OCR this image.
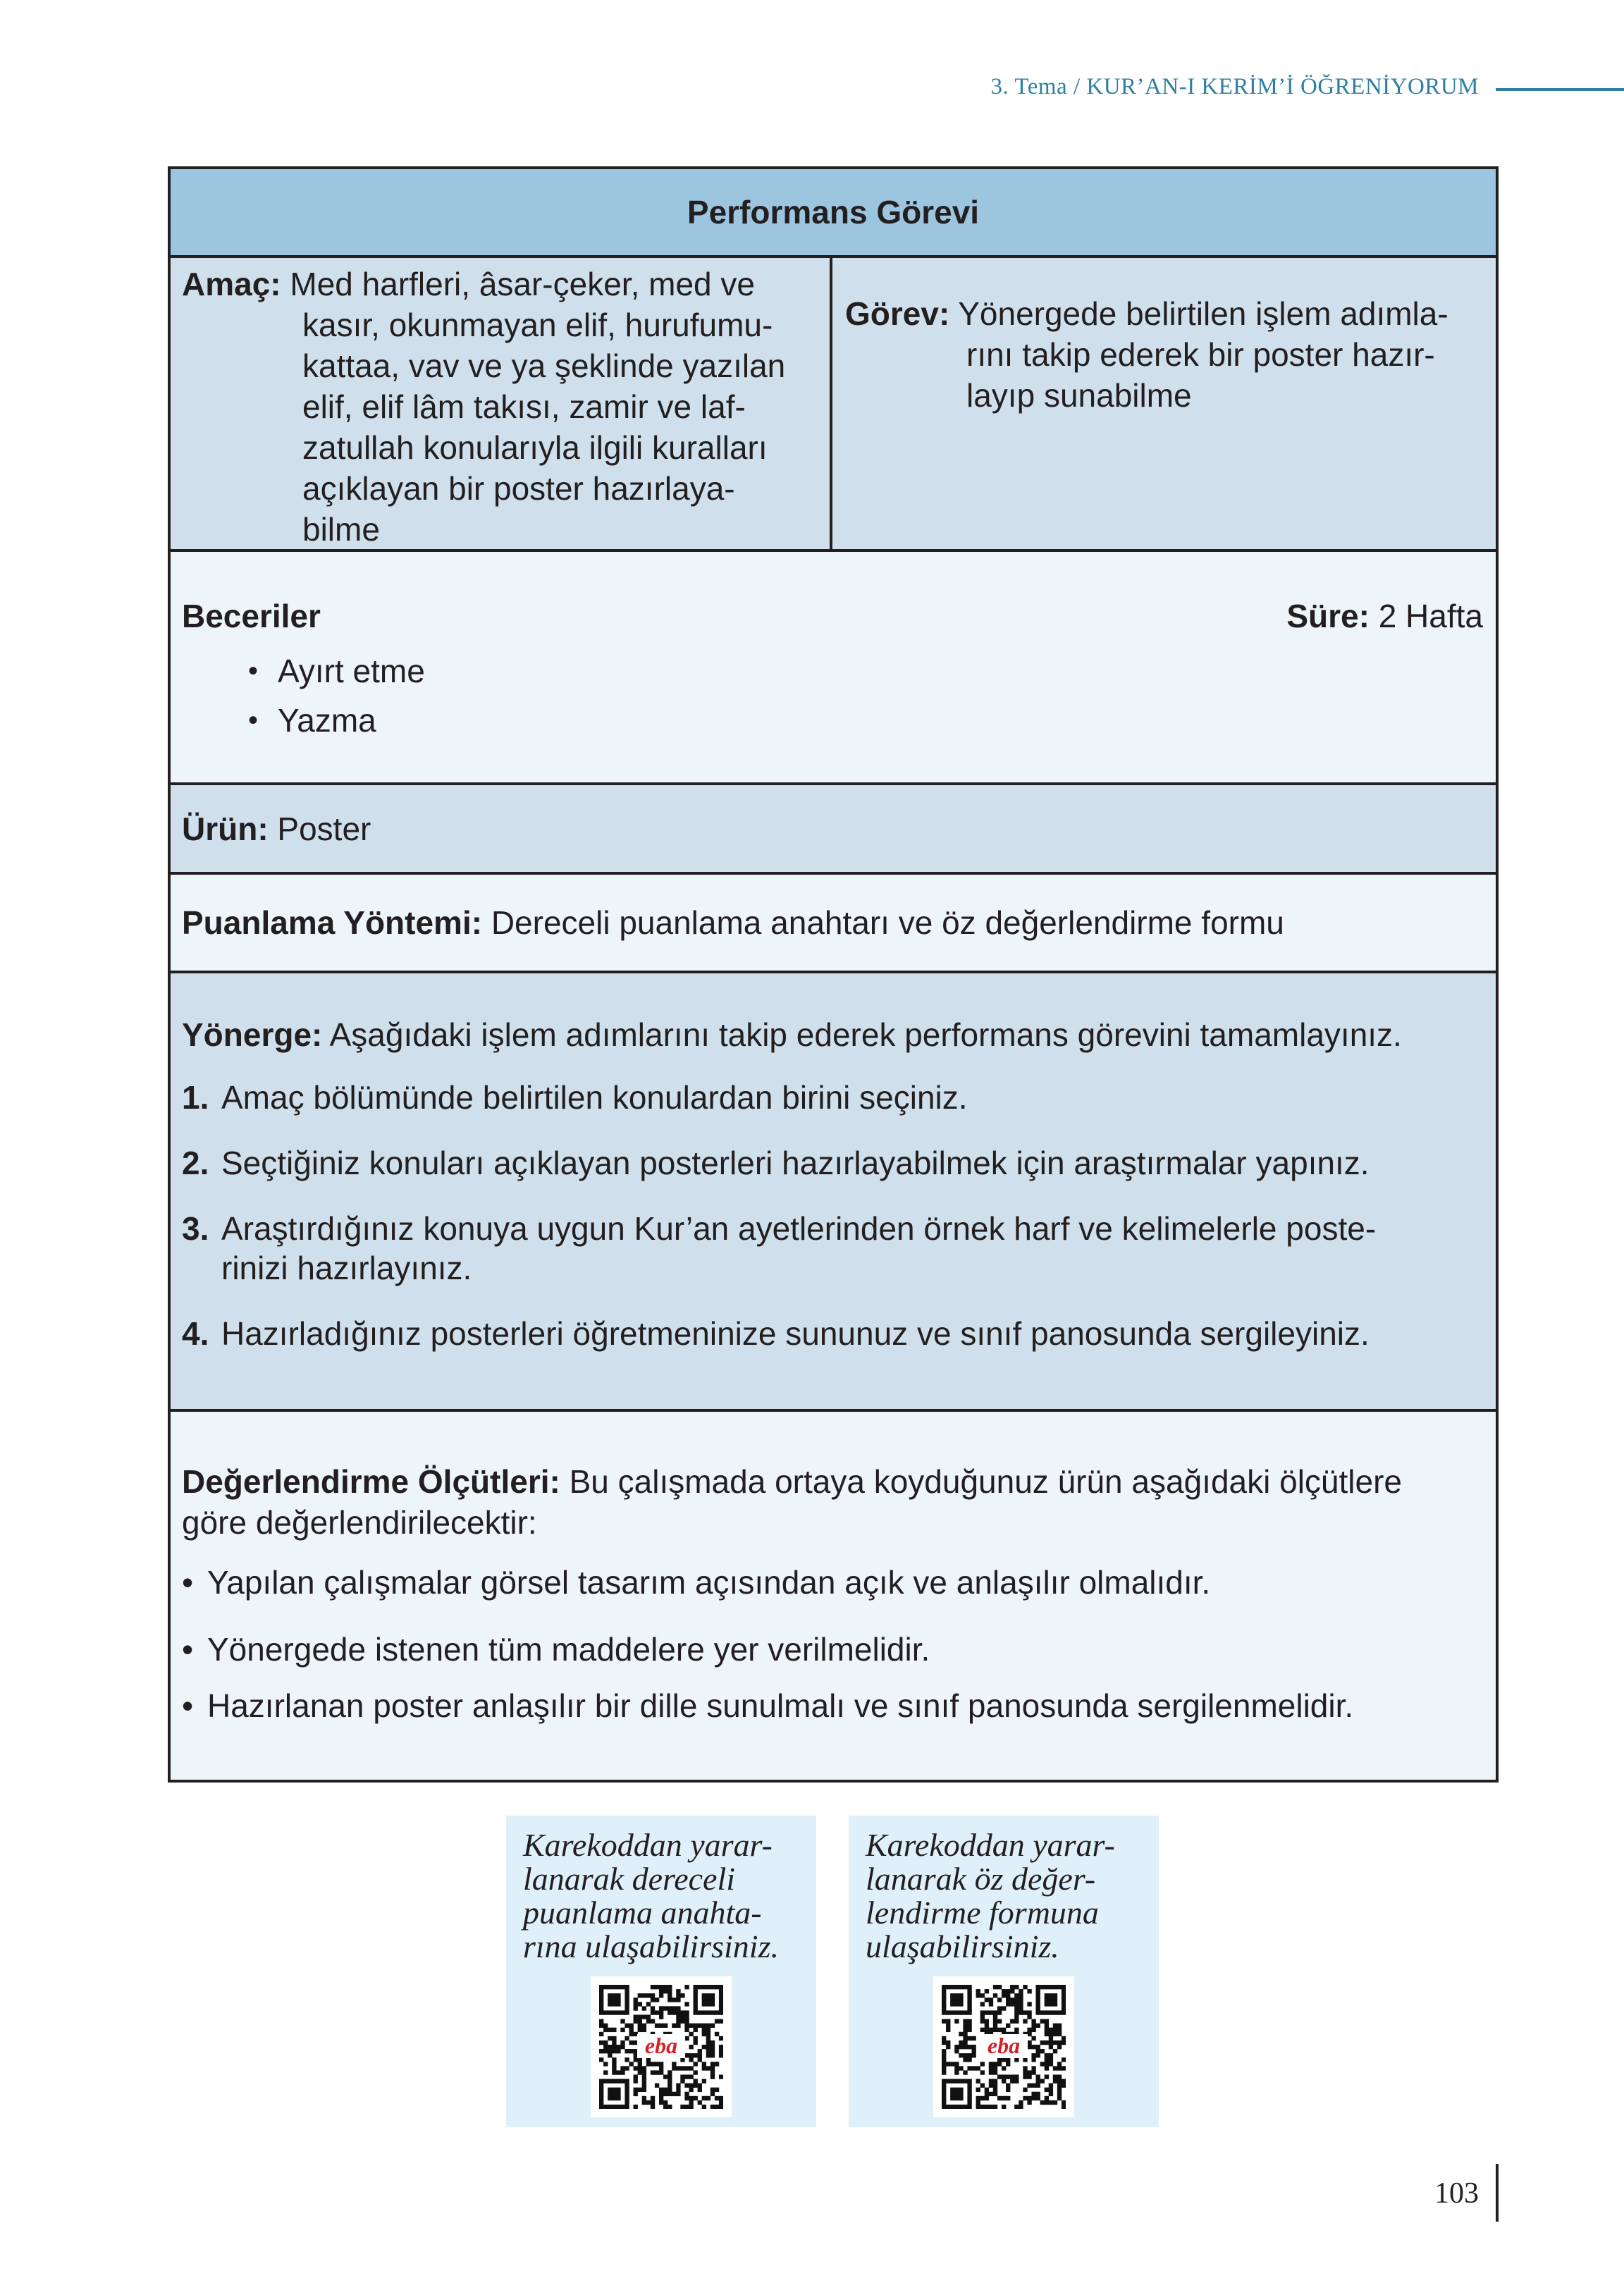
3. Tema / KUR’AN-I KERİM’İ ÖĞRENİYORUM
Performans Görevi
Amaç: Med harfleri, âsar-çeker, med ve
kasır, okunmayan elif, hurufumu-
kattaa, vav ve ya şeklinde yazılan
elif, elif lâm takısı, zamir ve laf-
zatullah konularıyla ilgili kuralları
açıklayan bir poster hazırlaya-
bilme
Görev: Yönergede belirtilen işlem adımla-
rını takip ederek bir poster hazır-
layıp sunabilme
Beceriler	Süre: 2 Hafta
• Ayırt etme
• Yazma
Ürün:
Poster
Puanlama Yöntemi:
Dereceli puanlama anahtarı ve öz değerlendirme formu
Yönerge: Aşağıdaki işlem adımlarını takip ederek performans görevini tamamlayınız.
1. Amaç bölümünde belirtilen konulardan birini seçiniz.
2. Seçtiğiniz konuları açıklayan posterleri hazırlayabilmek için araştırmalar yapınız.
3. Araştırdığınız konuya uygun Kur’an ayetlerinden örnek harf ve kelimelerle poste-
rinizi hazırlayınız.
4. Hazırladığınız posterleri öğretmeninize sununuz ve sınıf panosunda sergileyiniz.
Değerlendirme Ölçütleri: Bu çalışmada ortaya koyduğunuz ürün aşağıdaki ölçütlere
göre değerlendirilecektir:
• Yapılan çalışmalar görsel tasarım açısından açık ve anlaşılır olmalıdır.
• Yönergede istenen tüm maddelere yer verilmelidir.
• Hazırlanan poster anlaşılır bir dille sunulmalı ve sınıf panosunda sergilenmelidir.
Karekoddan yarar-
lanarak dereceli
puanlama anahta-
rına ulaşabilirsiniz.
eba
Karekoddan yarar-
lanarak öz değer-
lendirme formuna
ulaşabilirsiniz.
eba
103
